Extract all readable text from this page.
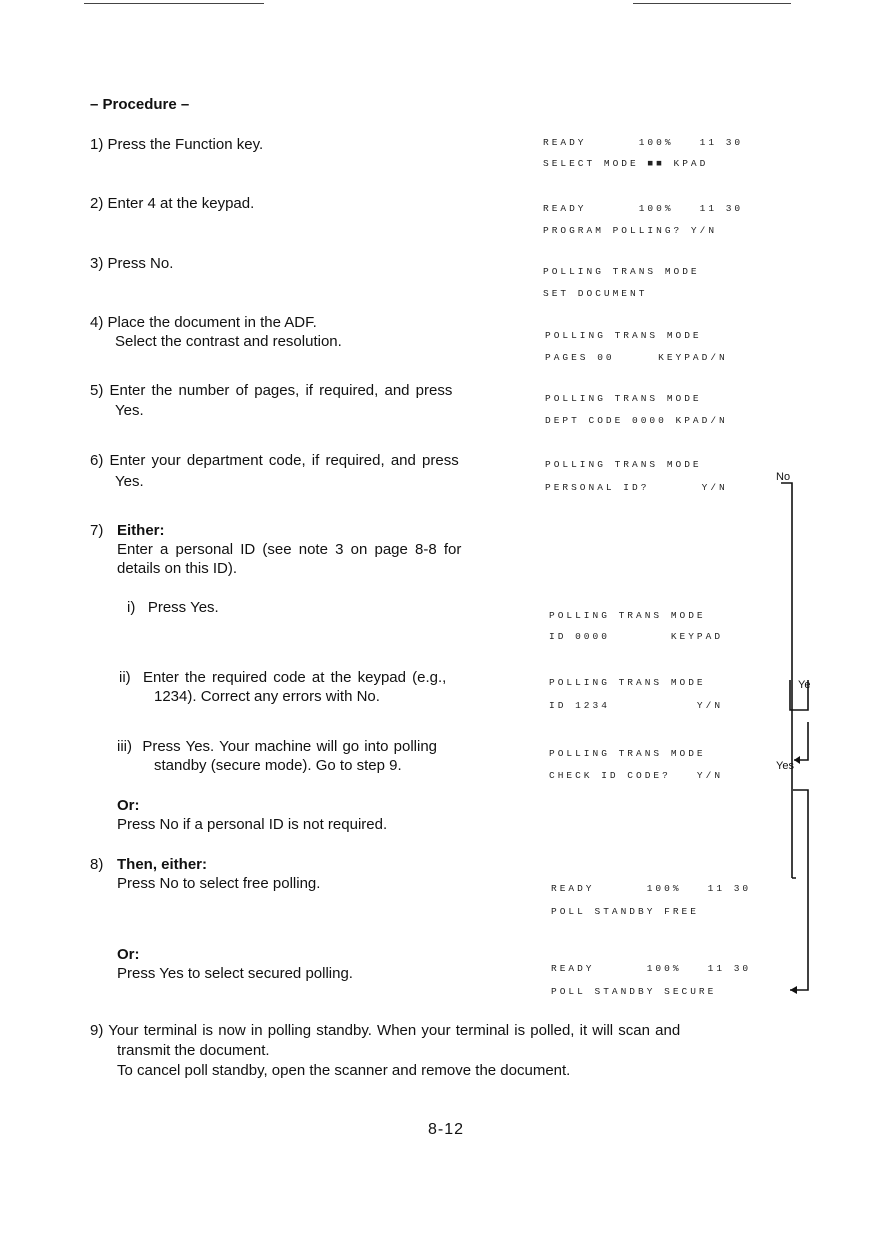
– Procedure –
1) Press the Function key.
2) Enter 4 at the keypad.
3) Press No.
4) Place the document in the ADF.
Select the contrast and resolution.
5) Enter the number of pages, if required, and press
Yes.
6) Enter your department code, if required, and press
Yes.
7) Either:
Enter a personal ID (see note 3 on page 8-8 for
details on this ID).
i)   Press Yes.
ii)  Enter the required code at the keypad (e.g.,
1234). Correct any errors with No.
iii)  Press Yes. Your machine will go into polling
standby (secure mode). Go to step 9.
Or:
Press No if a personal ID is not required.
8) Then, either:
Press No to select free polling.
Or:
Press Yes to select secured polling.
9) Your terminal is now in polling standby. When your terminal is polled, it will scan and
transmit the document.
To cancel poll standby, open the scanner and remove the document.
READY      100%   11 30
SELECT MODE ■■ KPAD
READY      100%   11 30
PROGRAM POLLING? Y/N
POLLING TRANS MODE
SET DOCUMENT
POLLING TRANS MODE
PAGES 00     KEYPAD/N
POLLING TRANS MODE
DEPT CODE 0000 KPAD/N
POLLING TRANS MODE
PERSONAL ID?      Y/N
POLLING TRANS MODE
ID 0000       KEYPAD
POLLING TRANS MODE
ID 1234          Y/N
POLLING TRANS MODE
CHECK ID CODE?   Y/N
READY      100%   11 30
POLL STANDBY FREE
READY      100%   11 30
POLL STANDBY SECURE
No
Ye
Yes
8-12
